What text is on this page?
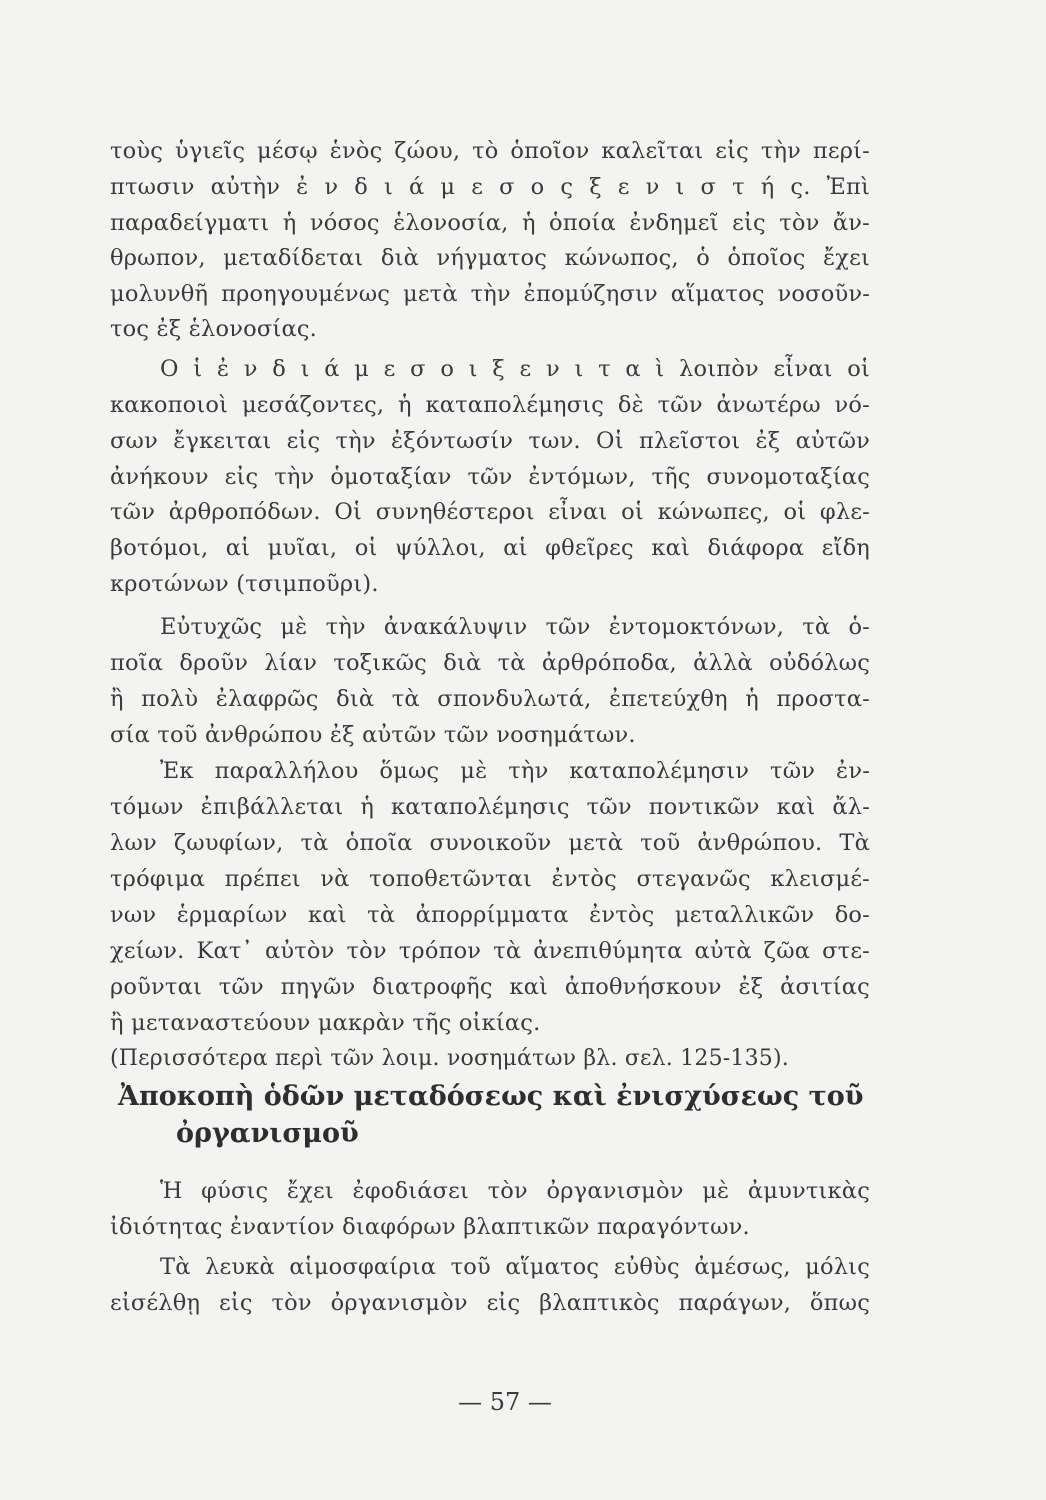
τοὺς ὑγιεῖς μέσῳ ἑνὸς ζώου, τὸ ὁποῖον καλεῖται εἰς τὴν περί-
πτωσιν αὐτὴν ἐ ν δ ι ά μ ε σ ο ς ξ ε ν ι σ τ ή ς. Ἐπὶ
παραδείγματι ἡ νόσος ἑλονοσία, ἡ ὁποία ἐνδημεῖ εἰς τὸν ἄν-
θρωπον, μεταδίδεται διὰ νήγματος κώνωπος, ὁ ὁποῖος ἔχει
μολυνθῆ προηγουμένως μετὰ τὴν ἐπομύζησιν αἵματος νοσοῦν-
τος ἐξ ἑλονοσίας.
Ο ἱ ἐ ν δ ι ά μ ε σ ο ι ξ ε ν ι τ α ὶ λοιπὸν εἶναι οἱ
κακοποιοὶ μεσάζοντες, ἡ καταπολέμησις δὲ τῶν ἀνωτέρω νό-
σων ἔγκειται εἰς τὴν ἐξόντωσίν των. Οἱ πλεῖστοι ἐξ αὐτῶν
ἀνήκουν εἰς τὴν ὁμοταξίαν τῶν ἐντόμων, τῆς συνομοταξίας
τῶν ἀρθροπόδων. Οἱ συνηθέστεροι εἶναι οἱ κώνωπες, οἱ φλε-
βοτόμοι, αἱ μυῖαι, οἱ ψύλλοι, αἱ φθεῖρες καὶ διάφορα εἴδη
κροτώνων (τσιμποῦρι).
Εὐτυχῶς μὲ τὴν ἀνακάλυψιν τῶν ἐντομοκτόνων, τὰ ὁ-
ποῖα δροῦν λίαν τοξικῶς διὰ τὰ ἀρθρόποδα, ἀλλὰ οὐδόλως
ἢ πολὺ ἐλαφρῶς διὰ τὰ σπονδυλωτά, ἐπετεύχθη ἡ προστα-
σία τοῦ ἀνθρώπου ἐξ αὐτῶν τῶν νοσημάτων.
Ἐκ παραλλήλου ὅμως μὲ τὴν καταπολέμησιν τῶν ἐν-
τόμων ἐπιβάλλεται ἡ καταπολέμησις τῶν ποντικῶν καὶ ἄλ-
λων ζωυφίων, τὰ ὁποῖα συνοικοῦν μετὰ τοῦ ἀνθρώπου. Τὰ
τρόφιμα πρέπει νὰ τοποθετῶνται ἐντὸς στεγανῶς κλεισμέ-
νων ἑρμαρίων καὶ τὰ ἀπορρίμματα ἐντὸς μεταλλικῶν δο-
χείων. Κατ᾽ αὐτὸν τὸν τρόπον τὰ ἀνεπιθύμητα αὐτὰ ζῶα στε-
ροῦνται τῶν πηγῶν διατροφῆς καὶ ἀποθνήσκουν ἐξ ἀσιτίας
ἢ μεταναστεύουν μακρὰν τῆς οἰκίας.
(Περισσότερα περὶ τῶν λοιμ. νοσημάτων βλ. σελ. 125-135).
Ἀποκοπὴ ὁδῶν μεταδόσεως καὶ ἐνισχύσεως τοῦ
ὀργανισμοῦ
Ἡ φύσις ἔχει ἐφοδιάσει τὸν ὀργανισμὸν μὲ ἀμυντικὰς
ἰδιότητας ἐναντίον διαφόρων βλαπτικῶν παραγόντων.
Τὰ λευκὰ αἱμοσφαίρια τοῦ αἵματος εὐθὺς ἀμέσως, μόλις
εἰσέλθῃ εἰς τὸν ὀργανισμὸν εἰς βλαπτικὸς παράγων, ὅπως
— 57 —
